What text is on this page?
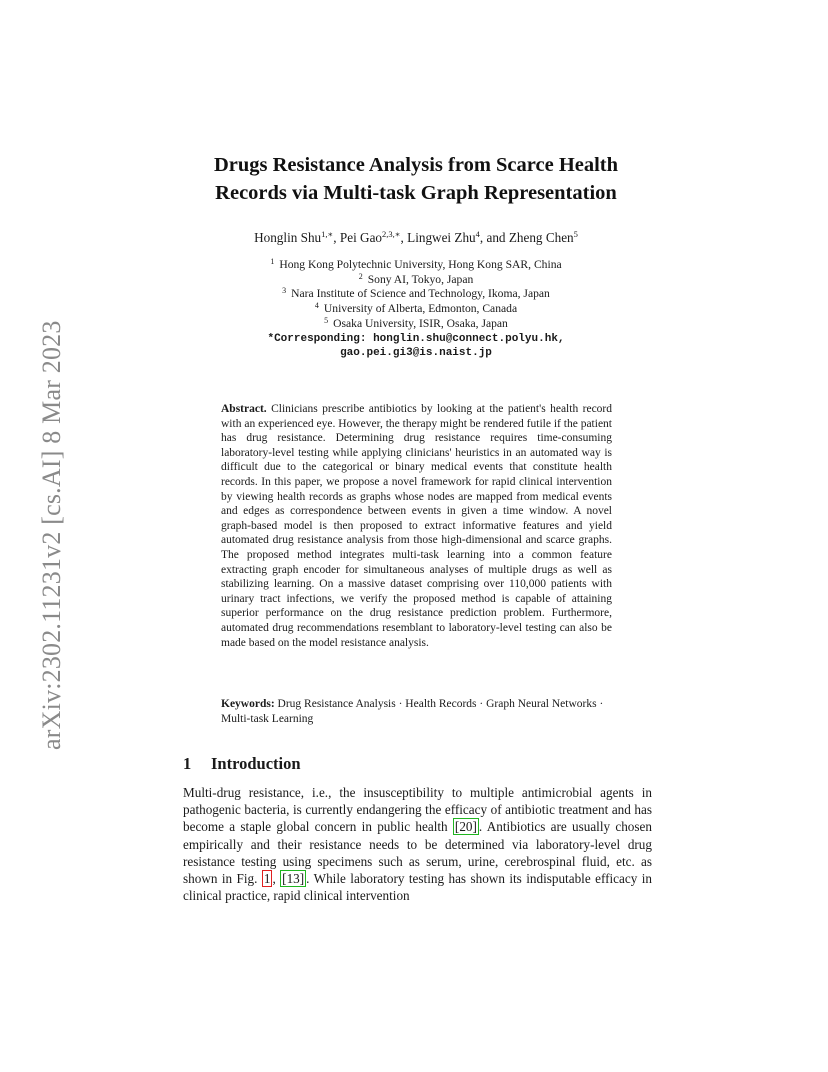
arXiv:2302.11231v2 [cs.AI] 8 Mar 2023
Drugs Resistance Analysis from Scarce Health
Records via Multi-task Graph Representation
Honglin Shu$^{1,∗}$, Pei Gao$^{2,3,∗}$, Lingwei Zhu$^4$, and Zheng Chen$^5$
$^1$ Hong Kong Polytechnic University, Hong Kong SAR, China
$^2$ Sony AI, Tokyo, Japan
$^3$ Nara Institute of Science and Technology, Ikoma, Japan
$^4$ University of Alberta, Edmonton, Canada
$^5$ Osaka University, ISIR, Osaka, Japan
*Corresponding: honglin.shu@connect.polyu.hk,
gao.pei.gi3@is.naist.jp
Abstract. Clinicians prescribe antibiotics by looking at the patient's health record with an experienced eye. However, the therapy might be rendered futile if the patient has drug resistance. Determining drug resistance requires time-consuming laboratory-level testing while applying clinicians' heuristics in an automated way is difficult due to the categorical or binary medical events that constitute health records. In this paper, we propose a novel framework for rapid clinical intervention by viewing health records as graphs whose nodes are mapped from medical events and edges as correspondence between events in given a time window. A novel graph-based model is then proposed to extract informative features and yield automated drug resistance analysis from those high-dimensional and scarce graphs. The proposed method integrates multi-task learning into a common feature extracting graph encoder for simultaneous analyses of multiple drugs as well as stabilizing learning. On a massive dataset comprising over 110,000 patients with urinary tract infections, we verify the proposed method is capable of attaining superior performance on the drug resistance prediction problem. Furthermore, automated drug recommendations resemblant to laboratory-level testing can also be made based on the model resistance analysis.
Keywords: Drug Resistance Analysis · Health Records · Graph Neural Networks · Multi-task Learning
1 Introduction
Multi-drug resistance, i.e., the insusceptibility to multiple antimicrobial agents in pathogenic bacteria, is currently endangering the efficacy of antibiotic treatment and has become a staple global concern in public health [20] . Antibiotics are usually chosen empirically and their resistance needs to be determined via laboratory-level drug resistance testing using specimens such as serum, urine, cerebrospinal fluid, etc. as shown in Fig. 1 , [13] . While laboratory testing has shown its indisputable efficacy in clinical practice, rapid clinical intervention
